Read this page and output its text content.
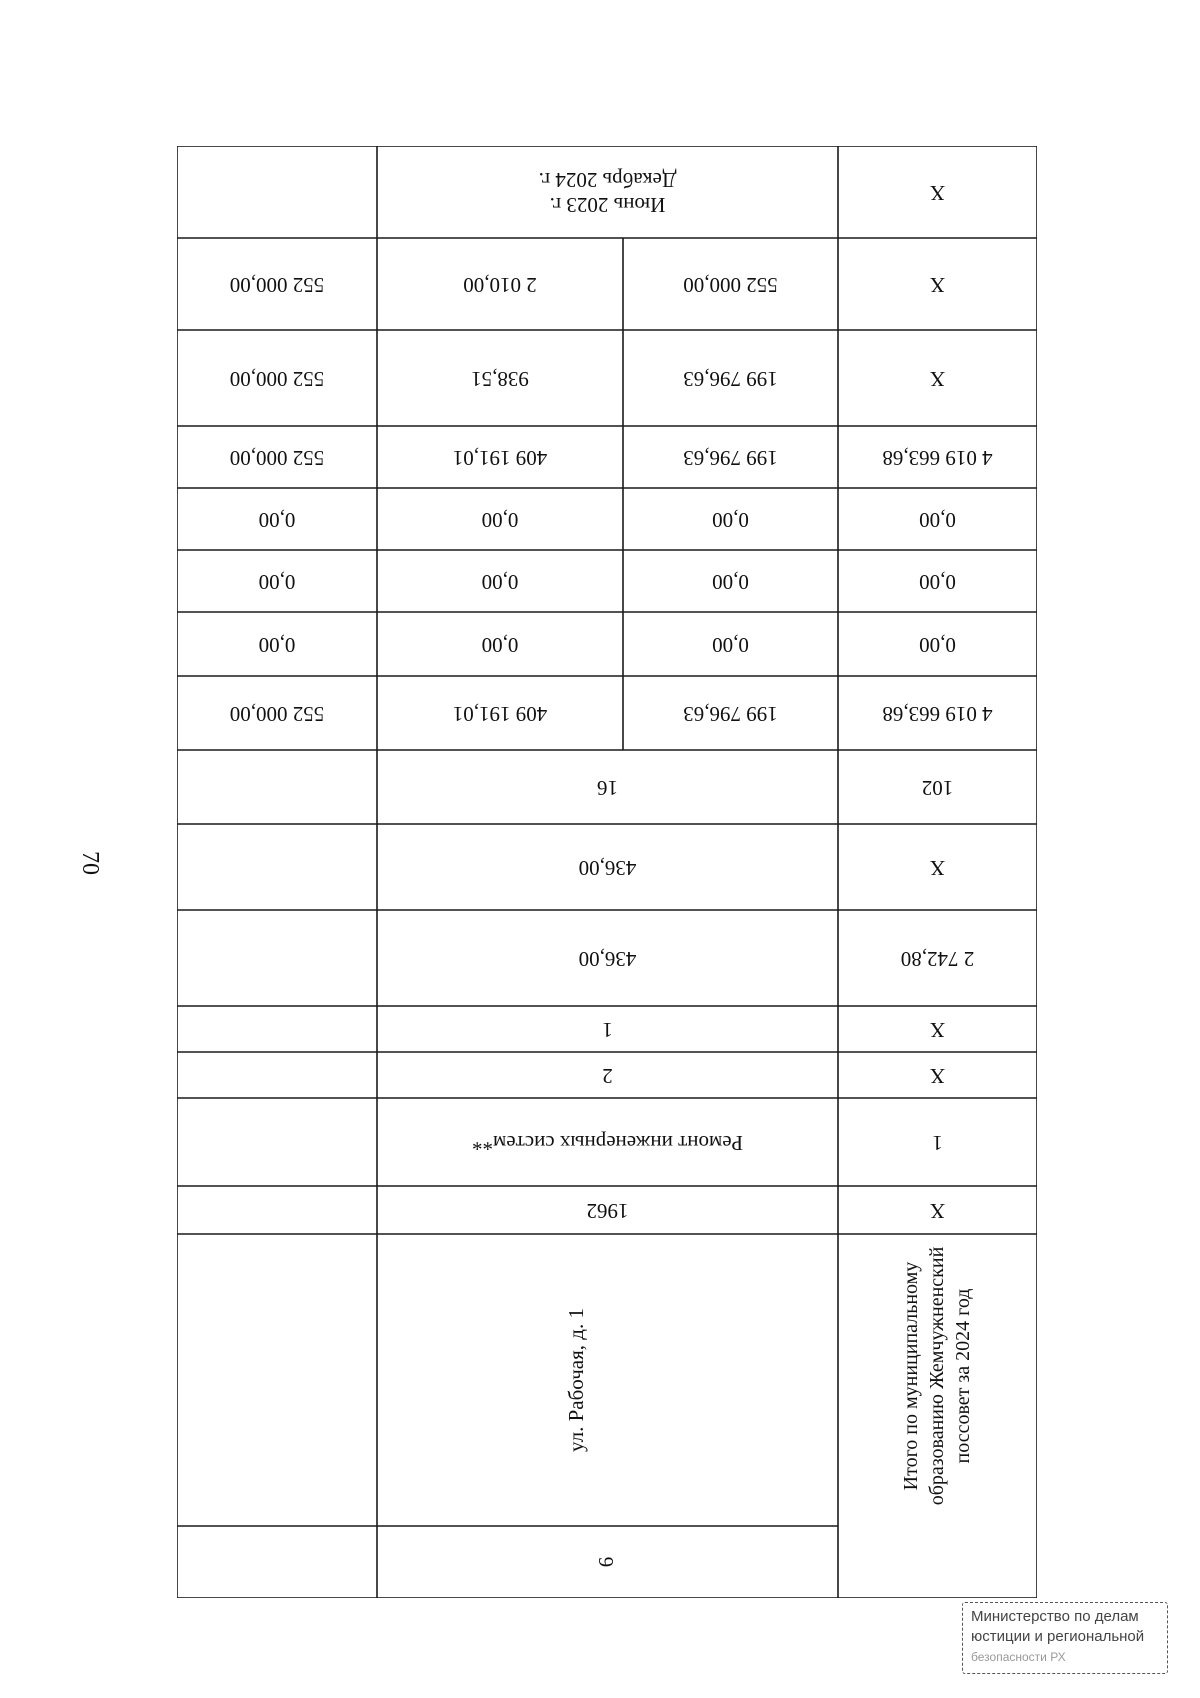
70
X
Июнь 2023 г.
Декабрь 2024 г.
X
552 000,00
2 010,00
552 000,00
X
199 796,63
938,51
552 000,00
4 019 663,68
199 796,63
409 191,01
552 000,00
0,00
0,00
0,00
0,00
0,00
0,00
0,00
0,00
0,00
0,00
0,00
0,00
4 019 663,68
199 796,63
409 191,01
552 000,00
102
16
X
436,00
2 742,80
436,00
X
1
X
2
1
Ремонт инженерных систем**
X
1962
Итого по муниципальному образованию Жемчужненский поссовет за 2024 год
ул. Рабочая, д. 1
6
Министерство по делам
юстиции и региональной
безопасности РХ
